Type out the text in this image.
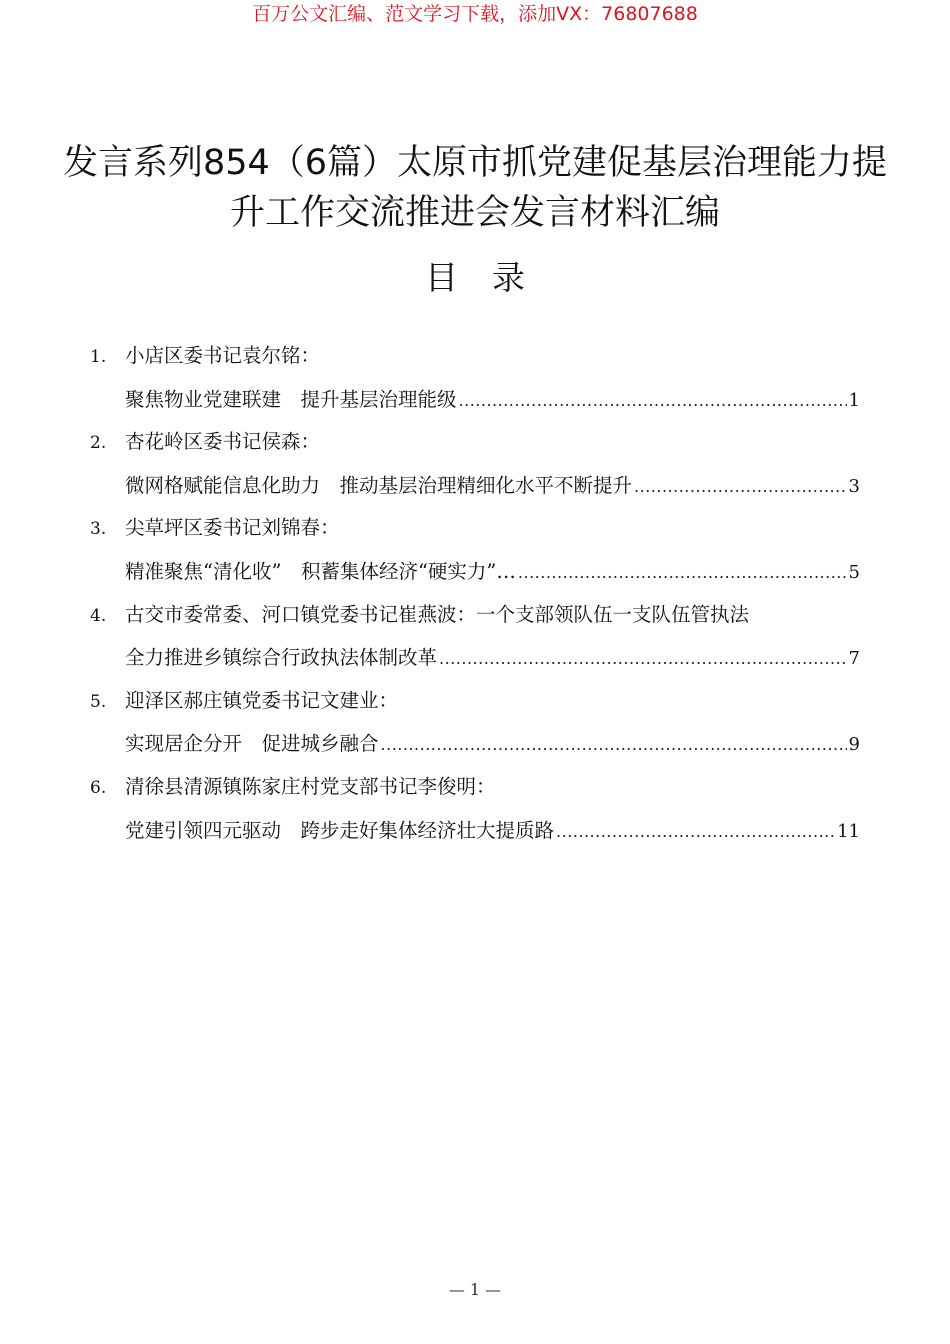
百万公文汇编、范文学习下载，添加VX：76807688
发言系列854（6篇）太原市抓党建促基层治理能力提升工作交流推进会发言材料汇编
目录
1. 小店区委书记袁尔铭：
聚焦物业党建联建　提升基层治理能级 .....	1
2. 杏花岭区委书记侯森：
微网格赋能信息化助力　推动基层治理精细化水平不断提升 .....	3
3. 尖草坪区委书记刘锦春：
精准聚焦“清化收”　积蓄集体经济“硬实力”… .....	5
4. 古交市委常委、河口镇党委书记崔燕波：一个支部领队伍一支队伍管执法
全力推进乡镇综合行政执法体制改革 .....	7
5. 迎泽区郝庄镇党委书记文建业：
实现居企分开　促进城乡融合 .....	9
6. 清徐县清源镇陈家庄村党支部书记李俊明：
党建引领四元驱动　跨步走好集体经济壮大提质路 .....	11
— 1 —
